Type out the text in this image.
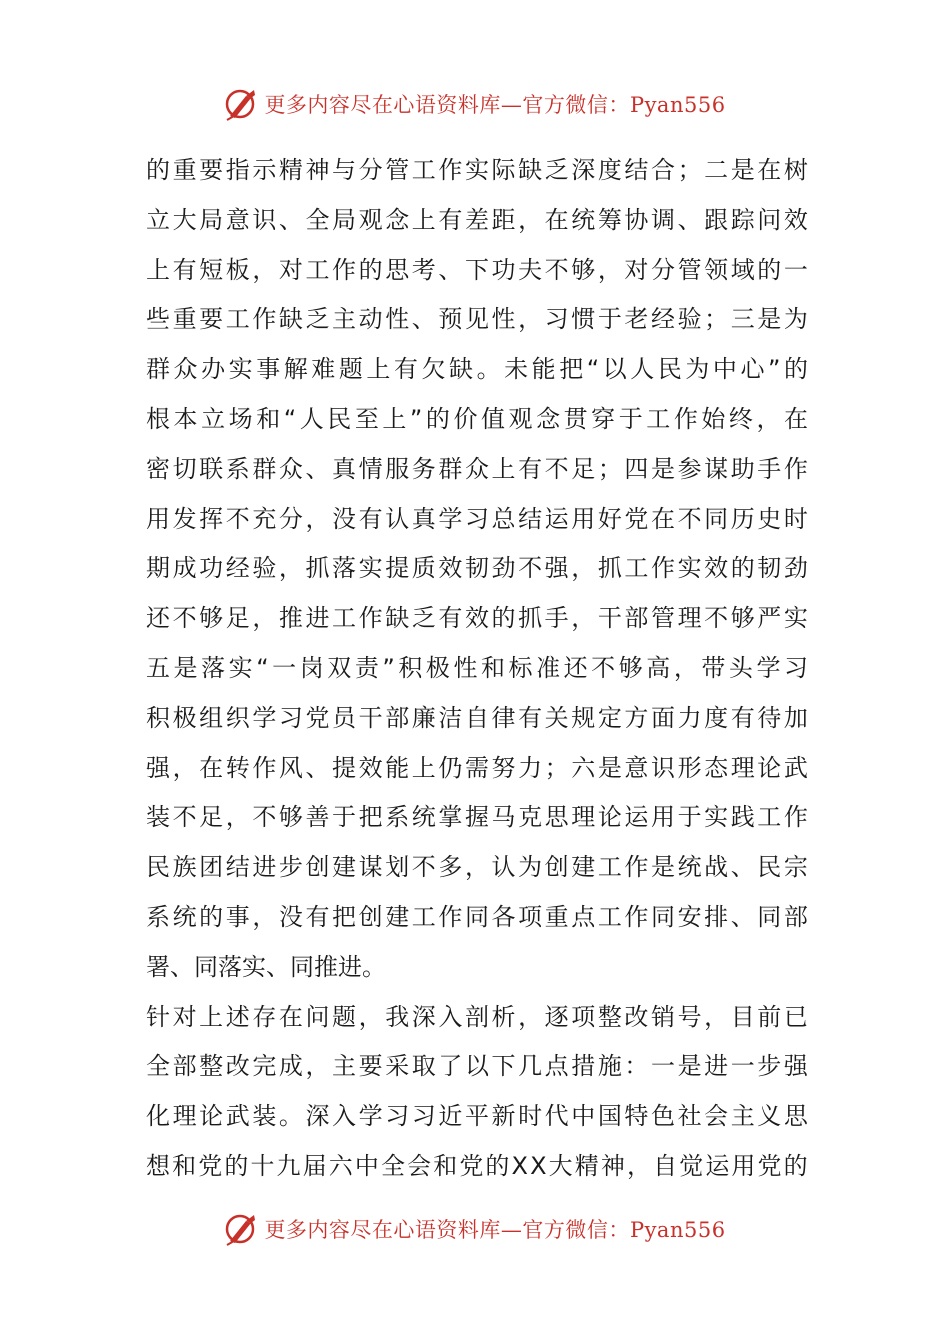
更多内容尽在心语资料库—官方微信：Pyan556
的 重 要 指 示 精 神 与 分 管 工 作 实 际 缺 乏 深 度 结 合 ； 二 是 在 树
立 大 局 意 识 、 全 局 观 念 上 有 差 距 ， 在 统 筹 协 调 、 跟 踪 问 效
上 有 短 板 ， 对 工 作 的 思 考 、 下 功 夫 不 够 ， 对 分 管 领 域 的 一
些 重 要 工 作 缺 乏 主 动 性 、 预 见 性 ， 习 惯 于 老 经 验 ； 三 是 为
群 众 办 实 事 解 难 题 上 有 欠 缺 。 未 能 把 “ 以 人 民 为 中 心 ” 的
根 本 立 场 和 “ 人 民 至 上 ” 的 价 值 观 念 贯 穿 于 工 作 始 终 ， 在
密 切 联 系 群 众 、 真 情 服 务 群 众 上 有 不 足 ； 四 是 参 谋 助 手 作
用 发 挥 不 充 分 ， 没 有 认 真 学 习 总 结 运 用 好 党 在 不 同 历 史 时
期 成 功 经 验 ， 抓 落 实 提 质 效 韧 劲 不 强 ， 抓 工 作 实 效 的 韧 劲
还 不 够 足 ， 推 进 工 作 缺 乏 有 效 的 抓 手 ， 干 部 管 理 不 够 严 实
五 是 落 实 “ 一 岗 双 责 ” 积 极 性 和 标 准 还 不 够 高 ， 带 头 学 习
积 极 组 织 学 习 党 员 干 部 廉 洁 自 律 有 关 规 定 方 面 力 度 有 待 加
强 ， 在 转 作 风 、 提 效 能 上 仍 需 努 力 ； 六 是 意 识 形 态 理 论 武
装 不 足 ， 不 够 善 于 把 系 统 掌 握 马 克 思 理 论 运 用 于 实 践 工 作
民 族 团 结 进 步 创 建 谋 划 不 多 ， 认 为 创 建 工 作 是 统 战 、 民 宗
系 统 的 事 ， 没 有 把 创 建 工 作 同 各 项 重 点 工 作 同 安 排 、 同 部
署、同落实、同推进。
针 对 上 述 存 在 问 题 ， 我 深 入 剖 析 ， 逐 项 整 改 销 号 ， 目 前 已
全 部 整 改 完 成 ， 主 要 采 取 了 以 下 几 点 措 施 ： 一 是 进 一 步 强
化 理 论 武 装 。 深 入 学 习 习 近 平 新 时 代 中 国 特 色 社 会 主 义 思
想 和 党 的 十 九 届 六 中 全 会 和 党 的 X X 大 精 神 ， 自 觉 运 用 党 的
更多内容尽在心语资料库—官方微信：Pyan556
